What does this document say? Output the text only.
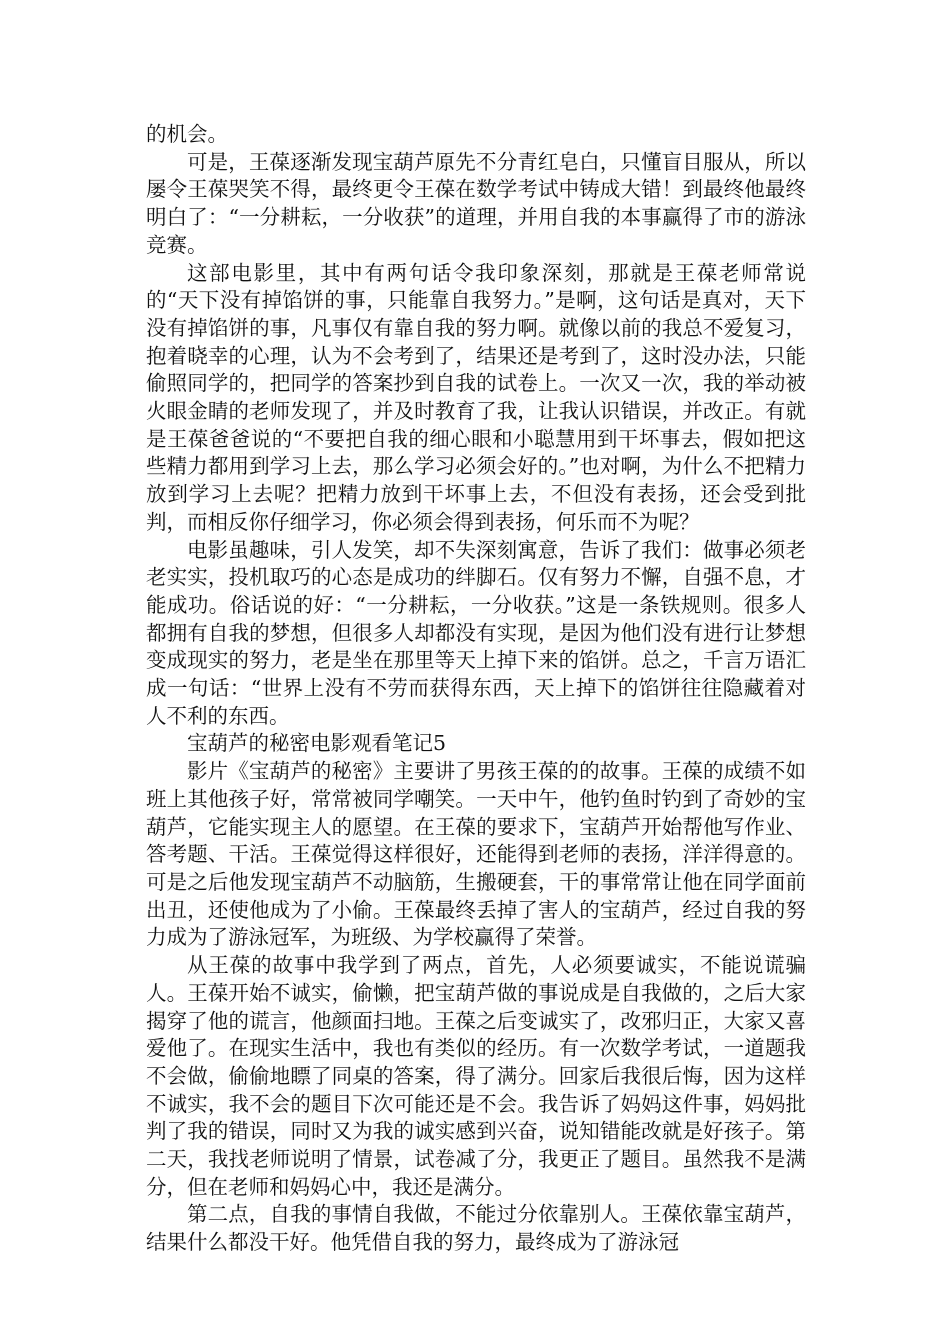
的机会。

可是，王葆逐渐发现宝葫芦原先不分青红皂白，只懂盲目服从，所以屡令王葆哭笑不得，最终更令王葆在数学考试中铸成大错！到最终他最终明白了：“一分耕耘，一分收获”的道理，并用自我的本事赢得了市的游泳竞赛。

这部电影里，其中有两句话令我印象深刻，那就是王葆老师常说的“天下没有掉馅饼的事，只能靠自我努力。”是啊，这句话是真对，天下没有掉馅饼的事，凡事仅有靠自我的努力啊。就像以前的我总不爱复习，抱着晓幸的心理，认为不会考到了，结果还是考到了，这时没办法，只能偷照同学的，把同学的答案抄到自我的试卷上。一次又一次，我的举动被火眼金睛的老师发现了，并及时教育了我，让我认识错误，并改正。有就是王葆爸爸说的“不要把自我的细心眼和小聪慧用到干坏事去，假如把这些精力都用到学习上去，那么学习必须会好的。”也对啊，为什么不把精力放到学习上去呢？把精力放到干坏事上去，不但没有表扬，还会受到批判，而相反你仔细学习，你必须会得到表扬，何乐而不为呢？

电影虽趣味，引人发笑，却不失深刻寓意，告诉了我们：做事必须老老实实，投机取巧的心态是成功的绊脚石。仅有努力不懈，自强不息，才能成功。俗话说的好：“一分耕耘，一分收获。”这是一条铁规则。很多人都拥有自我的梦想，但很多人却都没有实现，是因为他们没有进行让梦想变成现实的努力，老是坐在那里等天上掉下来的馅饼。总之，千言万语汇成一句话：“世界上没有不劳而获得东西，天上掉下的馅饼往往隐藏着对人不利的东西。

宝葫芦的秘密电影观看笔记5

影片《宝葫芦的秘密》主要讲了男孩王葆的的故事。王葆的成绩不如班上其他孩子好，常常被同学嘲笑。一天中午，他钓鱼时钓到了奇妙的宝葫芦，它能实现主人的愿望。在王葆的要求下，宝葫芦开始帮他写作业、答考题、干活。王葆觉得这样很好，还能得到老师的表扬，洋洋得意的。可是之后他发现宝葫芦不动脑筋，生搬硬套，干的事常常让他在同学面前出丑，还使他成为了小偷。王葆最终丢掉了害人的宝葫芦，经过自我的努力成为了游泳冠军，为班级、为学校赢得了荣誉。

从王葆的故事中我学到了两点，首先，人必须要诚实，不能说谎骗人。王葆开始不诚实，偷懒，把宝葫芦做的事说成是自我做的，之后大家揭穿了他的谎言，他颜面扫地。王葆之后变诚实了，改邪归正，大家又喜爱他了。在现实生活中，我也有类似的经历。有一次数学考试，一道题我不会做，偷偷地瞟了同桌的答案，得了满分。回家后我很后悔，因为这样不诚实，我不会的题目下次可能还是不会。我告诉了妈妈这件事，妈妈批判了我的错误，同时又为我的诚实感到兴奋，说知错能改就是好孩子。第二天，我找老师说明了情景，试卷减了分，我更正了题目。虽然我不是满分，但在老师和妈妈心中，我还是满分。

第二点，自我的事情自我做，不能过分依靠别人。王葆依靠宝葫芦，结果什么都没干好。他凭借自我的努力，最终成为了游泳冠
